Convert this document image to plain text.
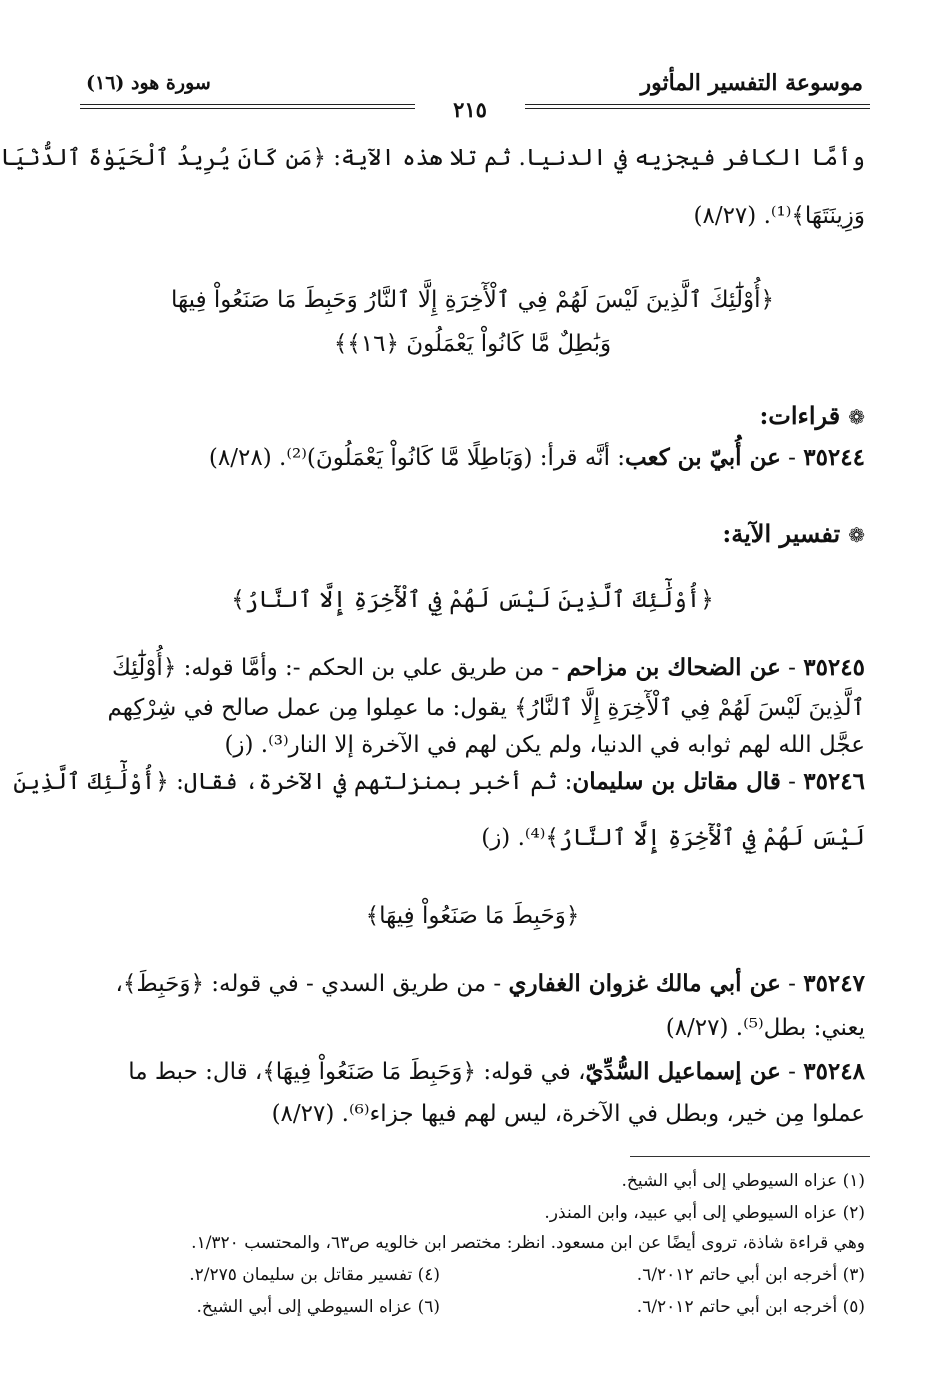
موسوعة التفسير المأثور
سورة هود (١٦)
٢١٥
وأمَّا الكافر فيجزيه في الدنيا. ثم تلا هذه الآية: ﴿مَن كَانَ يُرِيدُ ٱلْحَيَوٰةَ ٱلدُّنْيَا
وَزِينَتَهَا﴾⁽¹⁾. (٨/٢٧)
﴿أُوْلَٰٓئِكَ ٱلَّذِينَ لَيْسَ لَهُمْ فِي ٱلْأٓخِرَةِ إِلَّا ٱلنَّارُ وَحَبِطَ مَا صَنَعُواْ فِيهَا
وَبَٰطِلٌ مَّا كَانُواْ يَعْمَلُونَ ﴿١٦﴾﴾
❁قراءات:
٣٥٢٤٤ - عن أُبيّ بن كعب: أنَّه قرأ: (وَبَاطِلًا مَّا كَانُواْ يَعْمَلُونَ)⁽²⁾. (٨/٢٨)
❁تفسير الآية:
﴿أُوْلَٰٓئِكَ ٱلَّذِينَ لَيْسَ لَهُمْ فِي ٱلْأٓخِرَةِ إِلَّا ٱلنَّارُ﴾
٣٥٢٤٥ - عن الضحاك بن مزاحم - من طريق علي بن الحكم -: وأمَّا قوله: ﴿أُوْلَٰٓئِكَ
ٱلَّذِينَ لَيْسَ لَهُمْ فِي ٱلْأٓخِرَةِ إِلَّا ٱلنَّارُ﴾ يقول: ما عمِلوا مِن عمل صالح في شِرْكِهم
عجَّل الله لهم ثوابه في الدنيا، ولم يكن لهم في الآخرة إلا النار⁽³⁾. (ز)
٣٥٢٤٦ - قال مقاتل بن سليمان: ثم أخبر بمنزلتهم في الآخرة، فقال: ﴿أُوْلَٰٓئِكَ ٱلَّذِينَ
لَيْسَ لَهُمْ فِي ٱلْأٓخِرَةِ إِلَّا ٱلنَّارُ﴾⁽⁴⁾. (ز)
﴿وَحَبِطَ مَا صَنَعُواْ فِيهَا﴾
٣٥٢٤٧ - عن أبي مالك غزوان الغفاري - من طريق السدي - في قوله: ﴿وَحَبِطَ﴾،
يعني: بطل⁽⁵⁾. (٨/٢٧)
٣٥٢٤٨ - عن إسماعيل السُّدِّيّ، في قوله: ﴿وَحَبِطَ مَا صَنَعُواْ فِيهَا﴾، قال: حبط ما
عملوا مِن خير، وبطل في الآخرة، ليس لهم فيها جزاء⁽⁶⁾. (٨/٢٧)
(١) عزاه السيوطي إلى أبي الشيخ.
(٢) عزاه السيوطي إلى أبي عبيد، وابن المنذر.
وهي قراءة شاذة، تروى أيضًا عن ابن مسعود. انظر: مختصر ابن خالويه ص٦٣، والمحتسب ١/٣٢٠.
(٣) أخرجه ابن أبي حاتم ٦/٢٠١٢.
(٤) تفسير مقاتل بن سليمان ٢/٢٧٥.
(٥) أخرجه ابن أبي حاتم ٦/٢٠١٢.
(٦) عزاه السيوطي إلى أبي الشيخ.
